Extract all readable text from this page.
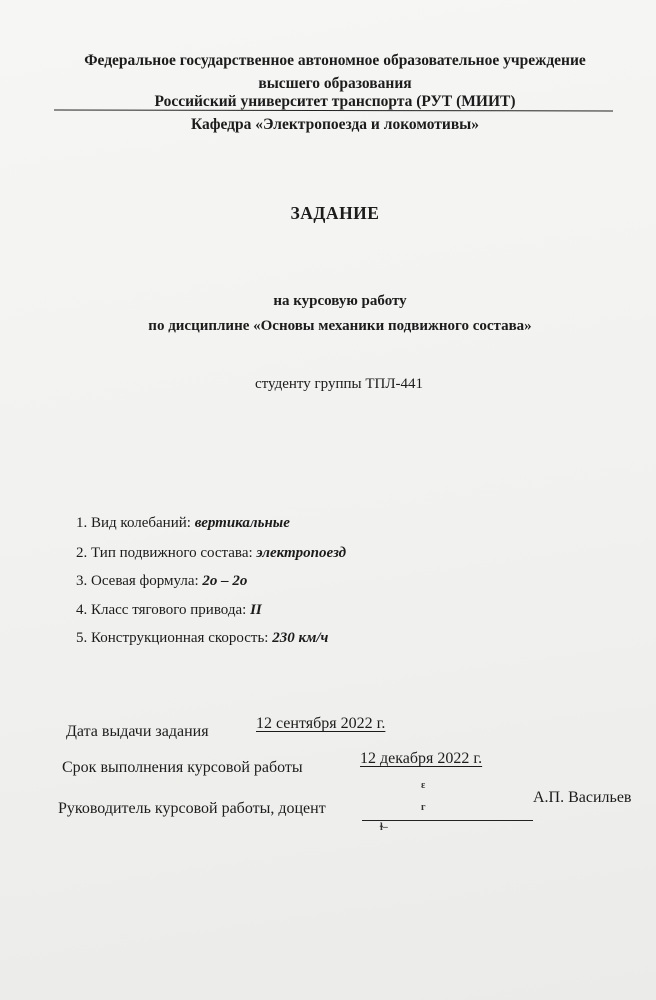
Федеральное государственное автономное образовательное учреждение
высшего образования
Российский университет транспорта (РУТ (МИИТ)
Кафедра «Электропоезда и локомотивы»
ЗАДАНИЕ
на курсовую работу
по дисциплине «Основы механики подвижного состава»
студенту группы ТПЛ-441
1. Вид колебаний: вертикальные
2. Тип подвижного состава: электропоезд
3. Осевая формула: 2о – 2о
4. Класс тягового привода: II
5. Конструкционная скорость: 230 км/ч
Дата выдачи задания	12 сентября 2022 г.
Срок выполнения курсовой работы
12 декабря 2022 г.
ɛ
Руководитель курсовой работы, доцент	г
А.П. Васильев
ɫ–
